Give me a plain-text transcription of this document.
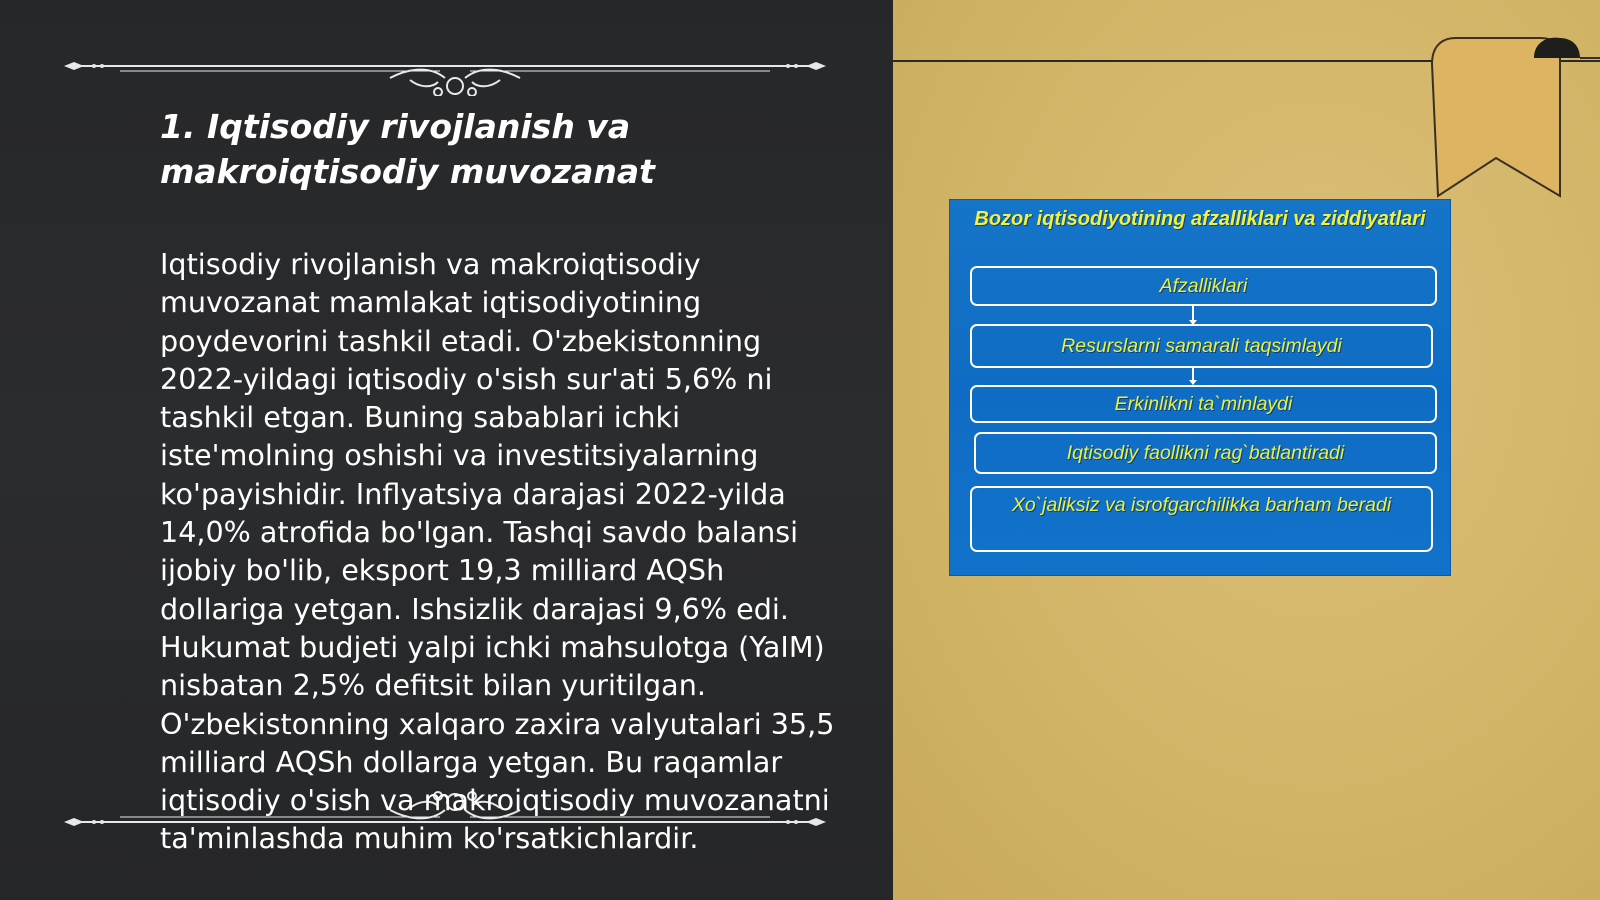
1. Iqtisodiy rivojlanish va makroiqtisodiy muvozanat

Iqtisodiy rivojlanish va makroiqtisodiy muvozanat mamlakat iqtisodiyotining poydevorini tashkil etadi. O'zbekistonning 2022-yildagi iqtisodiy o'sish sur'ati 5,6% ni tashkil etgan. Buning sabablari ichki iste'molning oshishi va investitsiyalarning ko'payishidir. Inflyatsiya darajasi 2022-yilda 14,0% atrofida bo'lgan. Tashqi savdo balansi ijobiy bo'lib, eksport 19,3 milliard AQSh dollariga yetgan. Ishsizlik darajasi 9,6% edi. Hukumat budjeti yalpi ichki mahsulotga (YaIM) nisbatan 2,5% defitsit bilan yuritilgan. O'zbekistonning xalqaro zaxira valyutalari 35,5 milliard AQSh dollarga yetgan. Bu raqamlar iqtisodiy o'sish va makroiqtisodiy muvozanatni ta'minlashda muhim ko'rsatkichlardir.

Bozor iqtisodiyotining afzalliklari va ziddiyatlari
Afzalliklari
Resurslarni samarali taqsimlaydi
Erkinlikni ta`minlaydi
Iqtisodiy faollikni rag`batlantiradi
Xo`jaliksiz va isrofgarchilikka barham beradi
